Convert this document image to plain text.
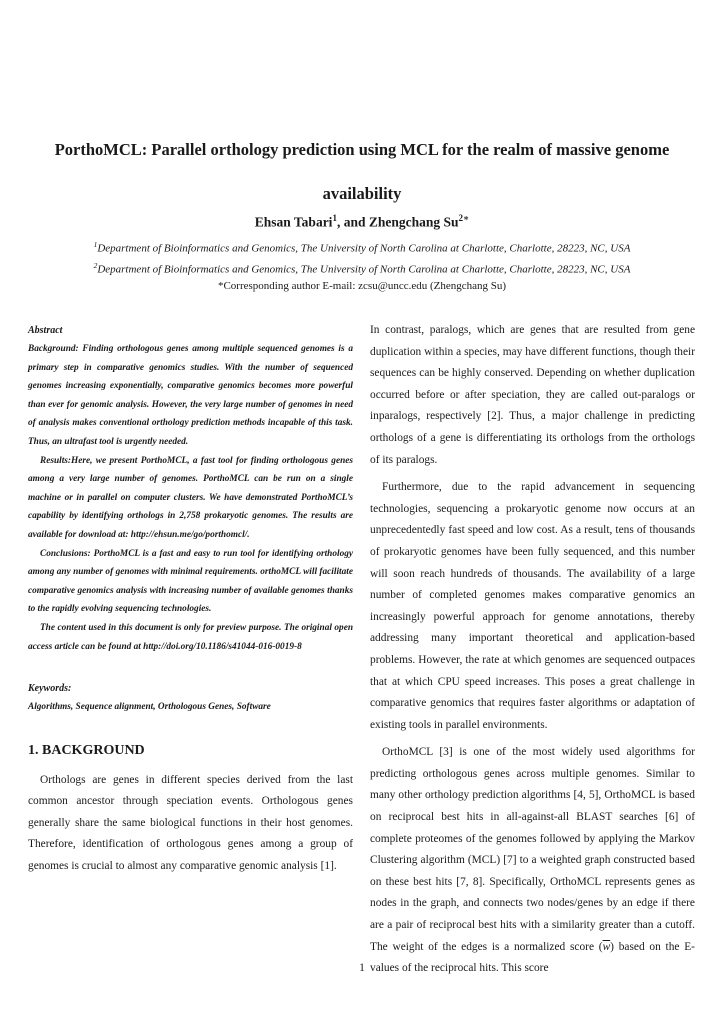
PorthoMCL: Parallel orthology prediction using MCL for the realm of massive genome availability
Ehsan Tabari$^1$, and Zhengchang $Su^{2∗}$
$^1$Department of Bioinformatics and Genomics, The University of North Carolina at Charlotte, Charlotte, 28223, NC, USA
$^2$Department of Bioinformatics and Genomics, The University of North Carolina at Charlotte, Charlotte, 28223, NC, USA
*Corresponding author E-mail: zcsu@uncc.edu (Zhengchang Su)

Abstract

Background: Finding orthologous genes among multiple sequenced genomes is a primary step in comparative genomics studies. With the number of sequenced genomes increasing exponentially, comparative genomics becomes more powerful than ever for genomic analysis. However, the very large number of genomes in need of analysis makes conventional orthology prediction methods incapable of this task. Thus, an ultrafast tool is urgently needed.

Results:Here, we present PorthoMCL, a fast tool for finding orthologous genes among a very large number of genomes. PorthoMCL can be run on a single machine or in parallel on computer clusters. We have demonstrated PorthoMCL’s capability by identifying orthologs in 2,758 prokaryotic genomes. The results are available for download at: http://ehsun.me/go/porthomcl/.

Conclusions: PorthoMCL is a fast and easy to run tool for identifying orthology among any number of genomes with minimal requirements. orthoMCL will facilitate comparative genomics analysis with increasing number of available genomes thanks to the rapidly evolving sequencing technologies.

The content used in this document is only for preview purpose. The original open access article can be found at http://doi.org/10.1186/s41044-016-0019-8

Keywords:

Algorithms, Sequence alignment, Orthologous Genes, Software

1. BACKGROUND

Orthologs are genes in different species derived from the last common ancestor through speciation events. Orthologous genes generally share the same biological functions in their host genomes. Therefore, identification of orthologous genes among a group of genomes is crucial to almost any comparative genomic analysis [1].

In contrast, paralogs, which are genes that are resulted from gene duplication within a species, may have different functions, though their sequences can be highly conserved. Depending on whether duplication occurred before or after speciation, they are called out-paralogs or inparalogs, respectively [2]. Thus, a major challenge in predicting orthologs of a gene is differentiating its orthologs from the orthologs of its paralogs.

Furthermore, due to the rapid advancement in sequencing technologies, sequencing a prokaryotic genome now occurs at an unprecedentedly fast speed and low cost. As a result, tens of thousands of prokaryotic genomes have been fully sequenced, and this number will soon reach hundreds of thousands. The availability of a large number of completed genomes makes comparative genomics an increasingly powerful approach for genome annotations, thereby addressing many important theoretical and application-based problems. However, the rate at which genomes are sequenced outpaces that at which CPU speed increases. This poses a great challenge in comparative genomics that requires faster algorithms or adaptation of existing tools in parallel environments.

OrthoMCL [3] is one of the most widely used algorithms for predicting orthologous genes across multiple genomes. Similar to many other orthology prediction algorithms [4, 5], OrthoMCL is based on reciprocal best hits in all-against-all BLAST searches [6] of complete proteomes of the genomes followed by applying the Markov Clustering algorithm (MCL) [7] to a weighted graph constructed based on these best hits [7, 8]. Specifically, OrthoMCL represents genes as nodes in the graph, and connects two nodes/genes by an edge if there are a pair of reciprocal best hits with a similarity greater than a cutoff. The weight of the edges is a normalized score $(\overline{w})$ based on the E-values of the reciprocal hits. This score

1
